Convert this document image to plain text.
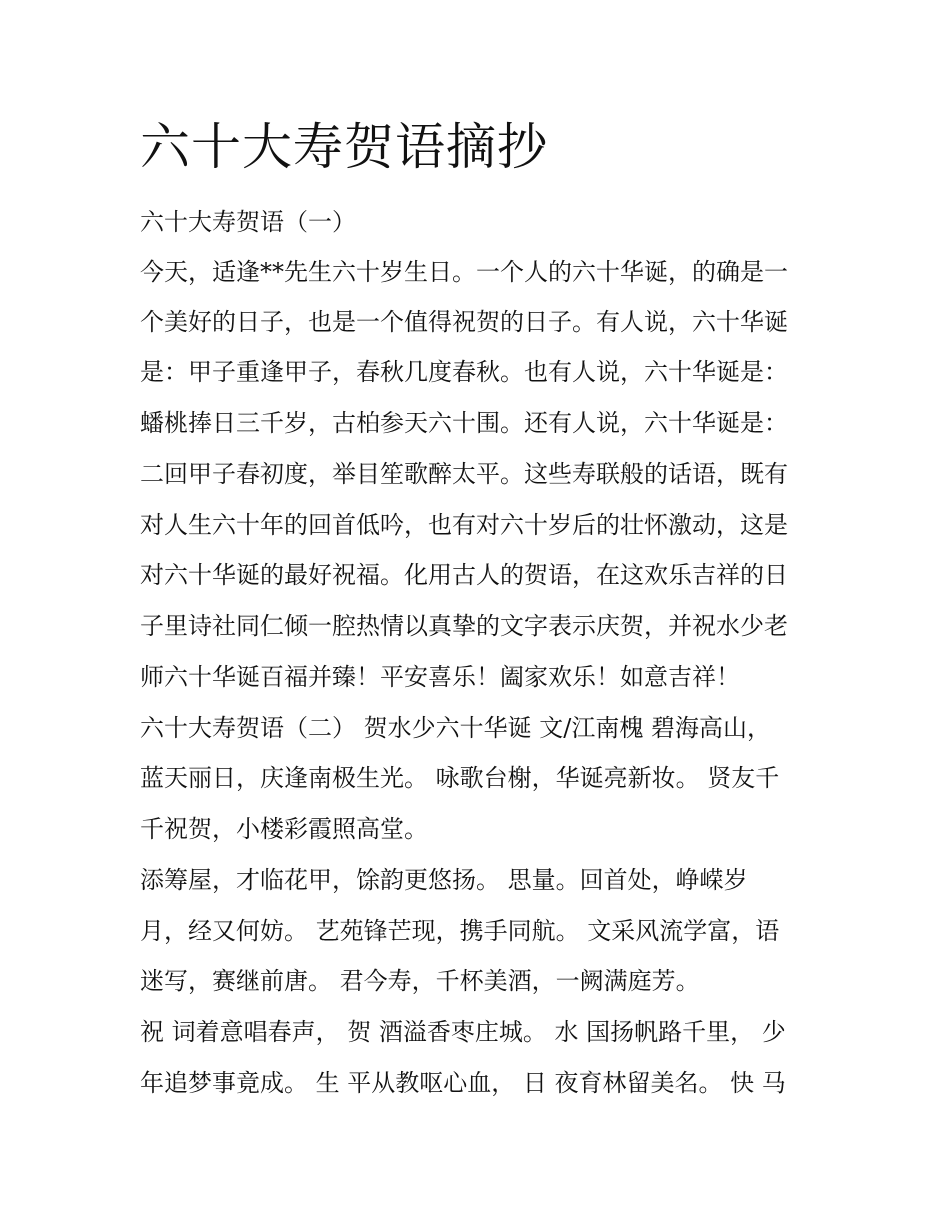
六十大寿贺语摘抄
六十大寿贺语（一）
今天，适逢**先生六十岁生日。一个人的六十华诞，的确是一
个美好的日子，也是一个值得祝贺的日子。有人说，六十华诞
是：甲子重逢甲子，春秋几度春秋。也有人说，六十华诞是：
蟠桃捧日三千岁，古柏参天六十围。还有人说，六十华诞是：
二回甲子春初度，举目笙歌醉太平。这些寿联般的话语，既有
对人生六十年的回首低吟，也有对六十岁后的壮怀激动，这是
对六十华诞的最好祝福。化用古人的贺语，在这欢乐吉祥的日
子里诗社同仁倾一腔热情以真挚的文字表示庆贺，并祝水少老
师六十华诞百福并臻！平安喜乐！阖家欢乐！如意吉祥！
六十大寿贺语（二） 贺水少六十华诞 文/江南槐 碧海高山，
蓝天丽日，庆逢南极生光。 咏歌台榭，华诞亮新妆。 贤友千
千祝贺，小楼彩霞照高堂。
添筹屋，才临花甲，馀韵更悠扬。 思量。回首处，峥嵘岁
月，经又何妨。 艺苑锋芒现，携手同航。 文采风流学富，语
迷写，赛继前唐。 君今寿，千杯美酒，一阙满庭芳。
祝 词着意唱春声， 贺 酒溢香枣庄城。 水 国扬帆路千里， 少
年追梦事竟成。 生 平从教呕心血， 日 夜育林留美名。 快 马
